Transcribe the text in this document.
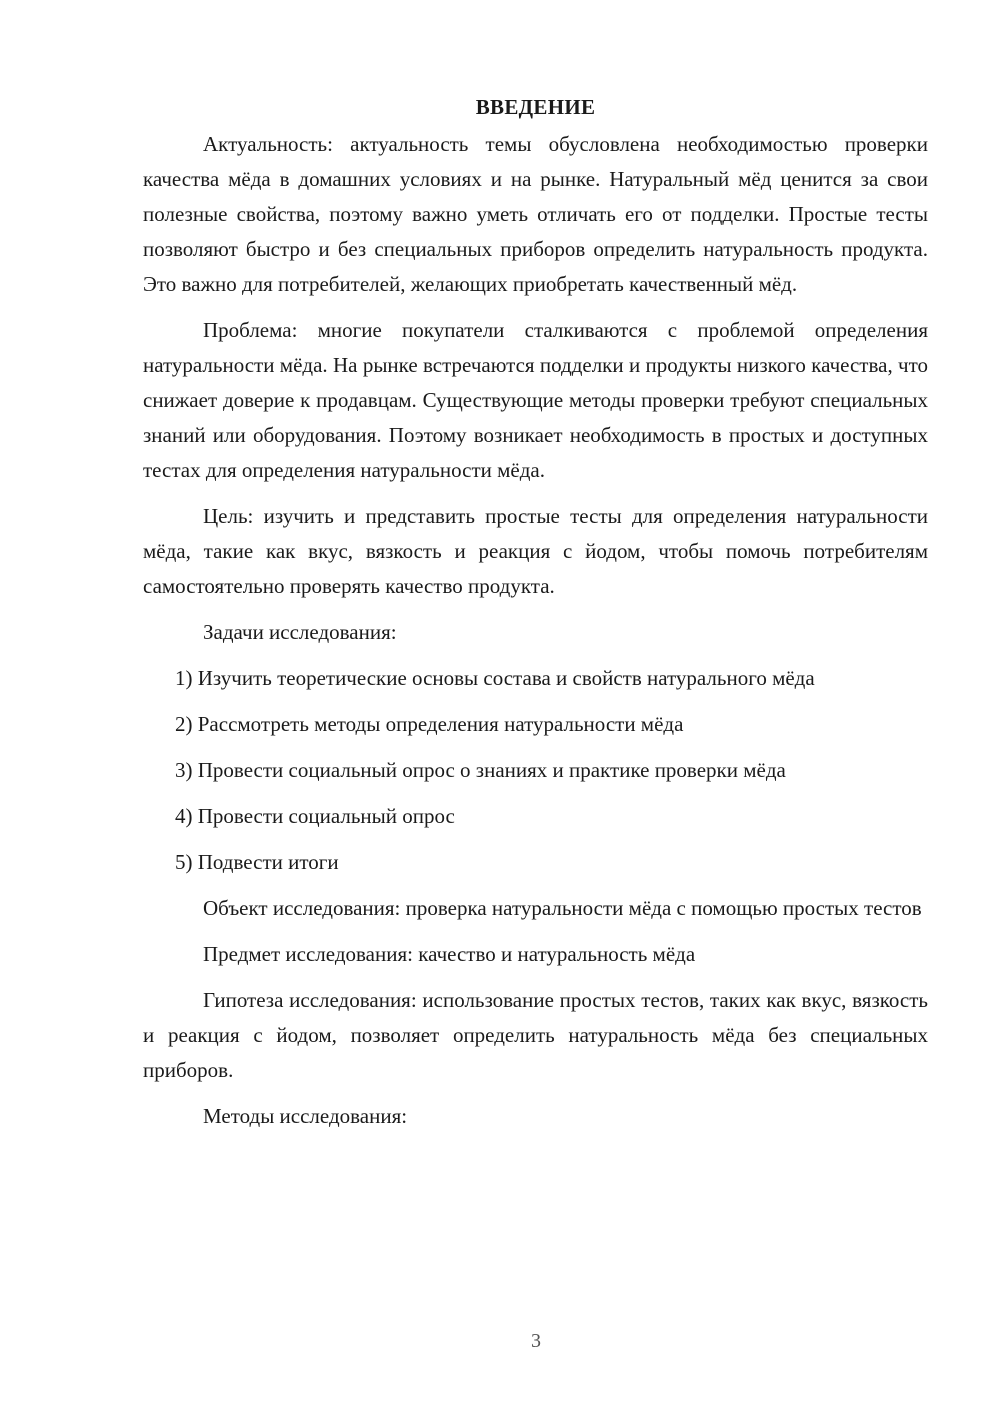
ВВЕДЕНИЕ

Актуальность: актуальность темы обусловлена необходимостью проверки качества мёда в домашних условиях и на рынке. Натуральный мёд ценится за свои полезные свойства, поэтому важно уметь отличать его от подделки. Простые тесты позволяют быстро и без специальных приборов определить натуральность продукта. Это важно для потребителей, желающих приобретать качественный мёд.

Проблема: многие покупатели сталкиваются с проблемой определения натуральности мёда. На рынке встречаются подделки и продукты низкого качества, что снижает доверие к продавцам. Существующие методы проверки требуют специальных знаний или оборудования. Поэтому возникает необходимость в простых и доступных тестах для определения натуральности мёда.

Цель: изучить и представить простые тесты для определения натуральности мёда, такие как вкус, вязкость и реакция с йодом, чтобы помочь потребителям самостоятельно проверять качество продукта.

Задачи исследования:

1) Изучить теоретические основы состава и свойств натурального мёда

2) Рассмотреть методы определения натуральности мёда

3) Провести социальный опрос о знаниях и практике проверки мёда

4) Провести социальный опрос

5) Подвести итоги

Объект исследования: проверка натуральности мёда с помощью простых тестов

Предмет исследования: качество и натуральность мёда

Гипотеза исследования: использование простых тестов, таких как вкус, вязкость и реакция с йодом, позволяет определить натуральность мёда без специальных приборов.

Методы исследования:

3
